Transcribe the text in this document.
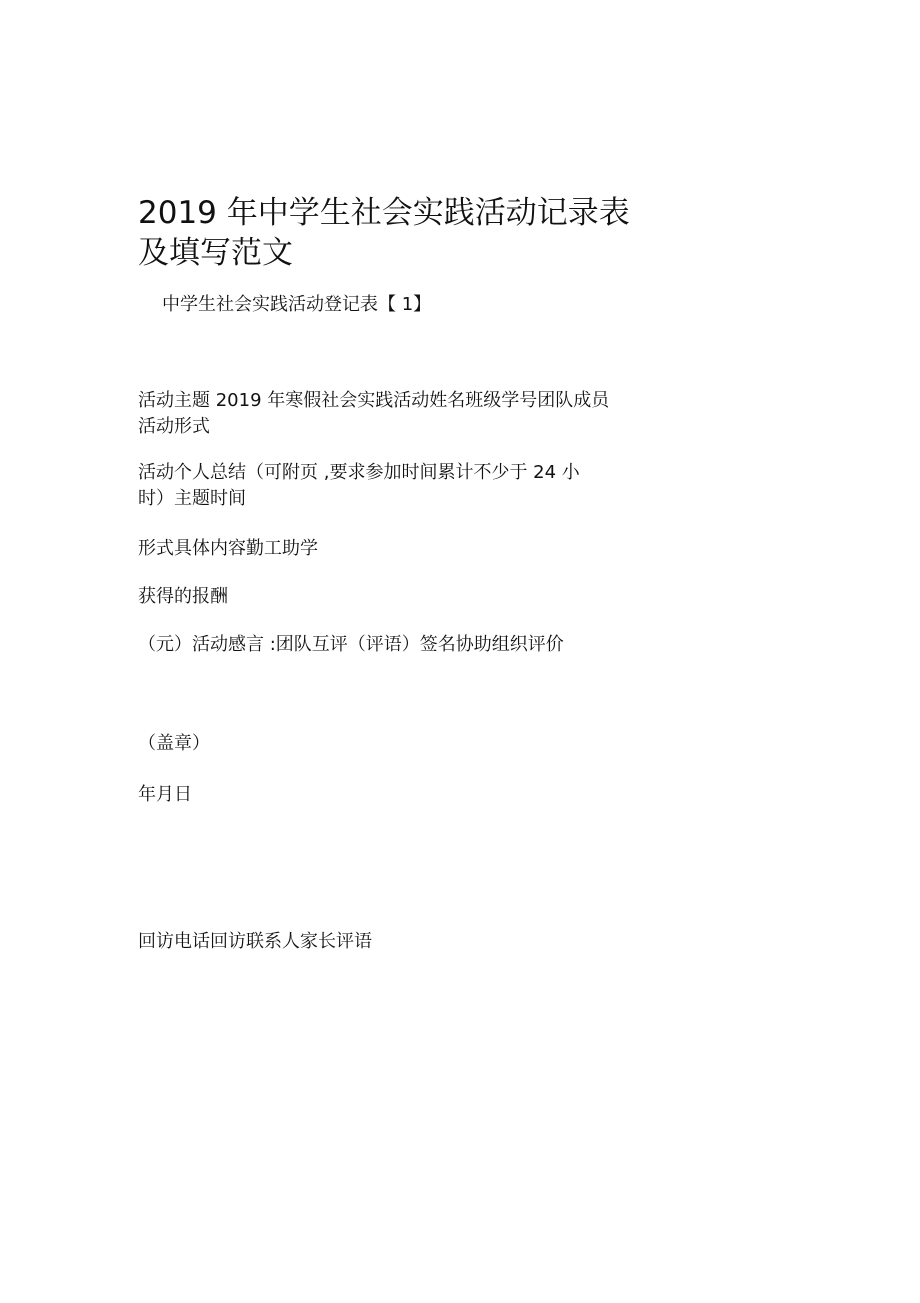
2019 年中学生社会实践活动记录表
及填写范文
中学生社会实践活动登记表【 1】
活动主题 2019 年寒假社会实践活动姓名班级学号团队成员
活动形式
活动个人总结（可附页 ,要求参加时间累计不少于 24 小
时）主题时间
形式具体内容勤工助学
获得的报酬
（元）活动感言 :团队互评（评语）签名协助组织评价
（盖章）
年月日
回访电话回访联系人家长评语
